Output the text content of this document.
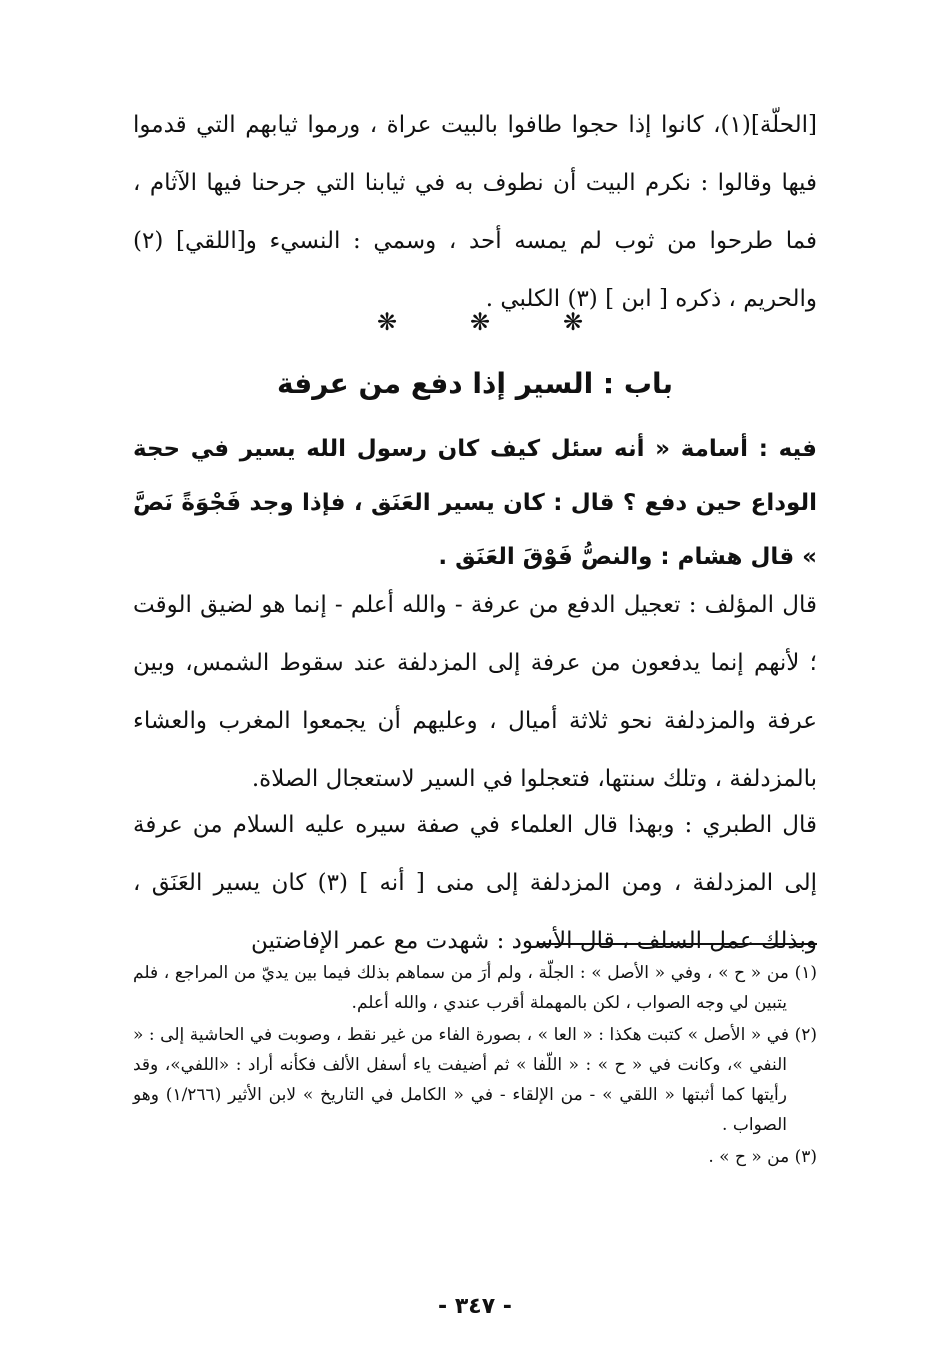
[الحلّة](١)، كانوا إذا حجوا طافوا بالبيت عراة ، ورموا ثيابهم التي قدموا فيها وقالوا : نكرم البيت أن نطوف به في ثيابنا التي جرحنا فيها الآثام ، فما طرحوا من ثوب لم يمسه أحد ، وسمي : النسيء و[اللقي] (٢) والحريم ، ذكره [ ابن ] (٣) الكلبي .
❋	❋	❋
باب : السير إذا دفع من عرفة
فيه : أسامة « أنه سئل كيف كان رسول الله يسير في حجة الوداع حين دفع ؟ قال : كان يسير العَنَق ، فإذا وجد فَجْوَةً نَصَّ » قال هشام : والنصُّ فَوْقَ العَنَق .
قال المؤلف : تعجيل الدفع من عرفة - والله أعلم - إنما هو لضيق الوقت ؛ لأنهم إنما يدفعون من عرفة إلى المزدلفة عند سقوط الشمس، وبين عرفة والمزدلفة نحو ثلاثة أميال ، وعليهم أن يجمعوا المغرب والعشاء بالمزدلفة ، وتلك سنتها، فتعجلوا في السير لاستعجال الصلاة.
قال الطبري : وبهذا قال العلماء في صفة سيره عليه السلام من عرفة إلى المزدلفة ، ومن المزدلفة إلى منى [ أنه ] (٣) كان يسير العَنَق ، وبذلك عمل السلف ، قال الأسود : شهدت مع عمر الإفاضتين
(١) من « ح » ، وفي « الأصل » : الجلّة ، ولم أرَ من سماهم بذلك فيما بين يديّ من المراجع ، فلم يتبين لي وجه الصواب ، لكن بالمهملة أقرب عندي ، والله أعلم.
(٢) في « الأصل » كتبت هكذا : « العا » ، بصورة الفاء من غير نقط ، وصوبت في الحاشية إلى : « النفي »، وكانت في « ح » : « اللّفا » ثم أضيفت ياء أسفل الألف فكأنه أراد : «اللفي»، وقد رأيتها كما أثبتها « اللقي » - من الإلقاء - في « الكامل في التاريخ » لابن الأثير (١/٢٦٦) وهو الصواب .
(٣) من « ح » .
- ٣٤٧ -
